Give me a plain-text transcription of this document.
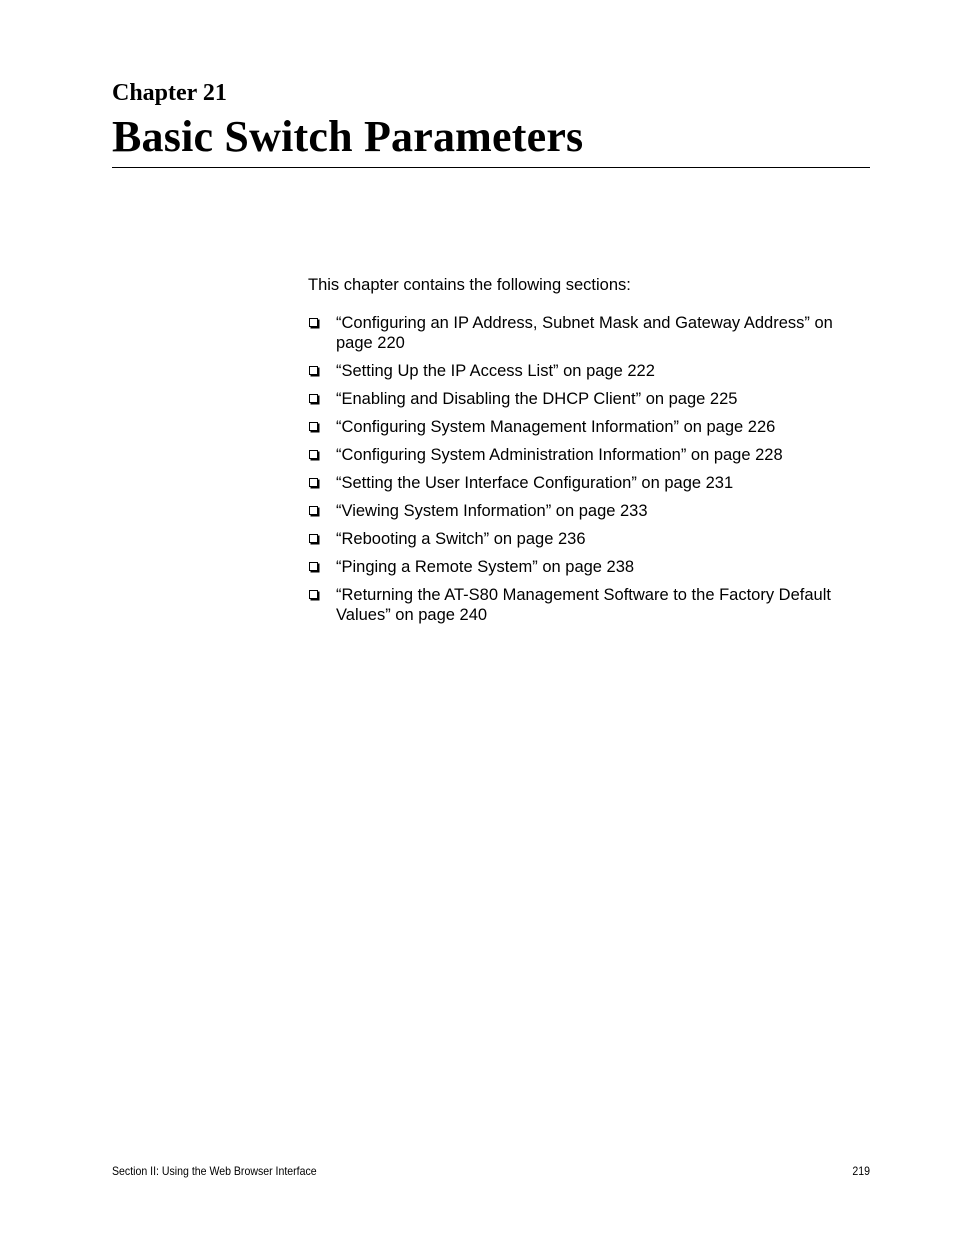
Chapter 21
Basic Switch Parameters

This chapter contains the following sections:

“Configuring an IP Address, Subnet Mask and Gateway Address” on page 220
“Setting Up the IP Access List” on page 222
“Enabling and Disabling the DHCP Client” on page 225
“Configuring System Management Information” on page 226
“Configuring System Administration Information” on page 228
“Setting the User Interface Configuration” on page 231
“Viewing System Information” on page 233
“Rebooting a Switch” on page 236
“Pinging a Remote System” on page 238
“Returning the AT-S80 Management Software to the Factory Default Values” on page 240
Section II: Using the Web Browser Interface	219
